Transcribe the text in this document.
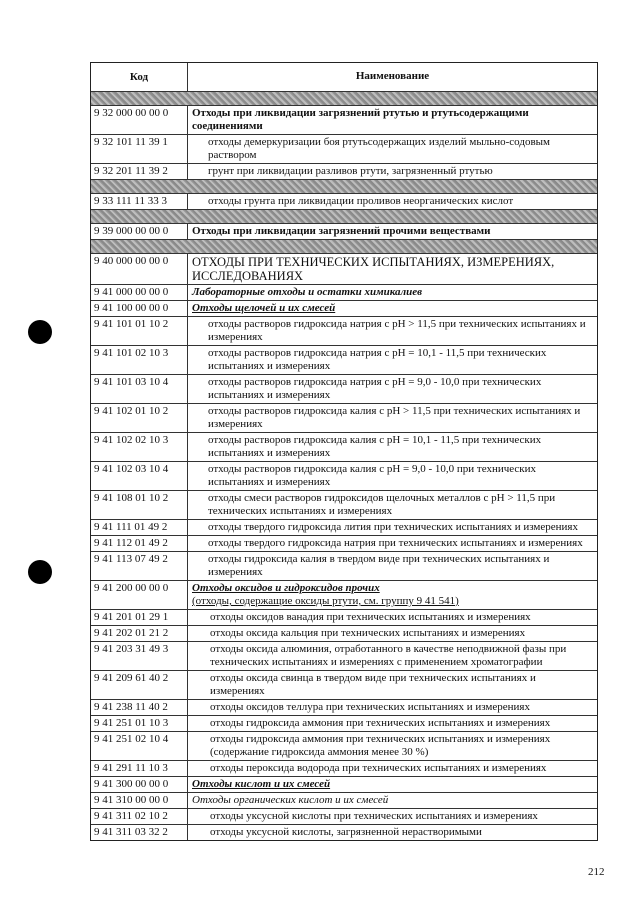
Код	Наименование
9 32 000 00 00 0	Отходы при ликвидации загрязнений ртутью и ртутьсодержащими соединениями
9 32 101 11 39 1	отходы демеркуризации боя ртутьсодержащих изделий мыльно-содовым раствором
9 32 201 11 39 2	грунт при ликвидации разливов ртути, загрязненный ртутью
9 33 111 11 33 3	отходы грунта при ликвидации проливов неорганических кислот
9 39 000 00 00 0	Отходы при ликвидации загрязнений прочими веществами
9 40 000 00 00 0	ОТХОДЫ ПРИ ТЕХНИЧЕСКИХ ИСПЫТАНИЯХ, ИЗМЕРЕНИЯХ, ИССЛЕДОВАНИЯХ
9 41 000 00 00 0	Лабораторные отходы и остатки химикалиев
9 41 100 00 00 0	Отходы щелочей и их смесей
9 41 101 01 10 2	отходы растворов гидроксида натрия с pH > 11,5 при технических испытаниях и измерениях
9 41 101 02 10 3	отходы растворов гидроксида натрия с pH = 10,1 - 11,5 при технических испытаниях и измерениях
9 41 101 03 10 4	отходы растворов гидроксида натрия с pH = 9,0 - 10,0 при технических испытаниях и измерениях
9 41 102 01 10 2	отходы растворов гидроксида калия с pH > 11,5 при технических испытаниях и измерениях
9 41 102 02 10 3	отходы растворов гидроксида калия с pH = 10,1 - 11,5 при технических испытаниях и измерениях
9 41 102 03 10 4	отходы растворов гидроксида калия с pH = 9,0 - 10,0 при технических испытаниях и измерениях
9 41 108 01 10 2	отходы смеси растворов гидроксидов щелочных металлов с pH > 11,5 при технических испытаниях и измерениях
9 41 111 01 49 2	отходы твердого гидроксида лития при технических испытаниях и измерениях
9 41 112 01 49 2	отходы твердого гидроксида натрия при технических испытаниях и измерениях
9 41 113 07 49 2	отходы гидроксида калия в твердом виде при технических испытаниях и измерениях
9 41 200 00 00 0	Отходы оксидов и гидроксидов прочих
(отходы, содержащие оксиды ртути, см. группу 9 41 541)
9 41 201 01 29 1	отходы оксидов ванадия при технических испытаниях и измерениях
9 41 202 01 21 2	отходы оксида кальция при технических испытаниях и измерениях
9 41 203 31 49 3	отходы оксида алюминия, отработанного в качестве неподвижной фазы при технических испытаниях и измерениях с применением хроматографии
9 41 209 61 40 2	отходы оксида свинца в твердом виде при технических испытаниях и измерениях
9 41 238 11 40 2	отходы оксидов теллура при технических испытаниях и измерениях
9 41 251 01 10 3	отходы гидроксида аммония при технических испытаниях и измерениях
9 41 251 02 10 4	отходы гидроксида аммония при технических испытаниях и измерениях (содержание гидроксида аммония менее 30 %)
9 41 291 11 10 3	отходы пероксида водорода при технических испытаниях и измерениях
9 41 300 00 00 0	Отходы кислот и их смесей
9 41 310 00 00 0	Отходы органических кислот и их смесей
9 41 311 02 10 2	отходы уксусной кислоты при технических испытаниях и измерениях
9 41 311 03 32 2	отходы уксусной кислоты, загрязненной нерастворимыми
212
